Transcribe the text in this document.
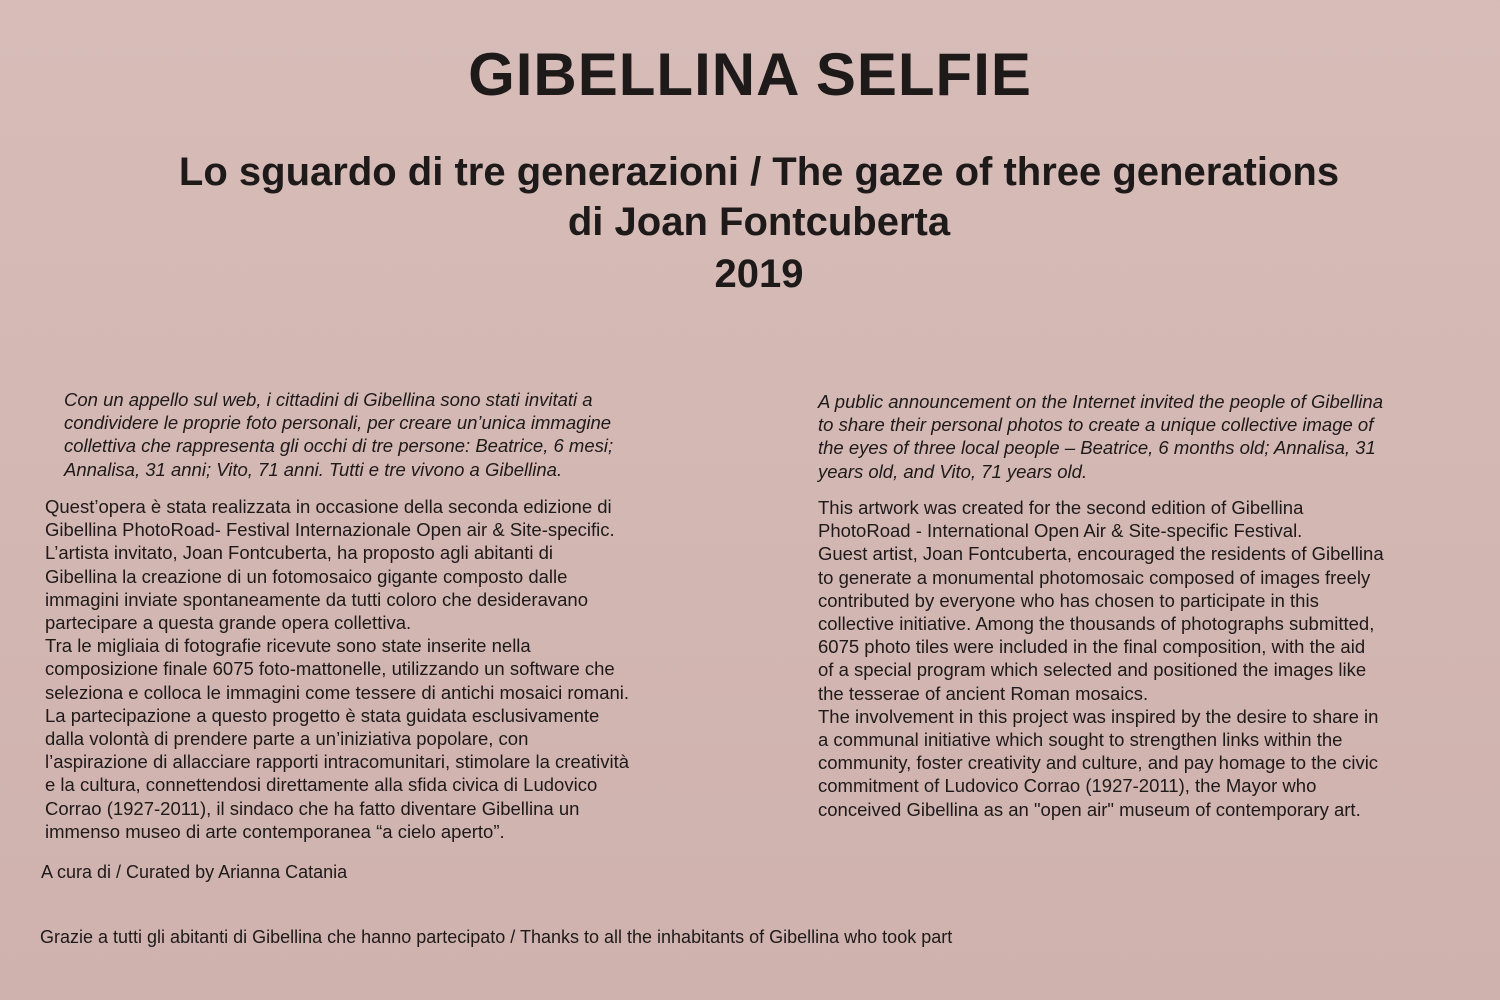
GIBELLINA SELFIE
Lo sguardo di tre generazioni / The gaze of three generations
di Joan Fontcuberta
2019
Con un appello sul web, i cittadini di Gibellina sono stati invitati a
condividere le proprie foto personali, per creare un’unica immagine
collettiva che rappresenta gli occhi di tre persone: Beatrice, 6 mesi;
Annalisa, 31 anni; Vito, 71 anni. Tutti e tre vivono a Gibellina.
Quest’opera è stata realizzata in occasione della seconda edizione di
Gibellina PhotoRoad- Festival Internazionale Open air & Site-specific.
L’artista invitato, Joan Fontcuberta, ha proposto agli abitanti di
Gibellina la creazione di un fotomosaico gigante composto dalle
immagini inviate spontaneamente da tutti coloro che desideravano
partecipare a questa grande opera collettiva.
Tra le migliaia di fotografie ricevute sono state inserite nella
composizione finale 6075 foto-mattonelle, utilizzando un software che
seleziona e colloca le immagini come tessere di antichi mosaici romani.
La partecipazione a questo progetto è stata guidata esclusivamente
dalla volontà di prendere parte a un’iniziativa popolare, con
l’aspirazione di allacciare rapporti intracomunitari, stimolare la creatività
e la cultura, connettendosi direttamente alla sfida civica di Ludovico
Corrao (1927-2011), il sindaco che ha fatto diventare Gibellina un
immenso museo di arte contemporanea “a cielo aperto”.
A public announcement on the Internet invited the people of Gibellina
to share their personal photos to create a unique collective image of
the eyes of three local people – Beatrice, 6 months old; Annalisa, 31
years old, and Vito, 71 years old.
This artwork was created for the second edition of Gibellina
PhotoRoad - International Open Air & Site-specific Festival.
Guest artist, Joan Fontcuberta, encouraged the residents of Gibellina
to generate a monumental photomosaic composed of images freely
contributed by everyone who has chosen to participate in this
collective initiative. Among the thousands of photographs submitted,
6075 photo tiles were included in the final composition, with the aid
of a special program which selected and positioned the images like
the tesserae of ancient Roman mosaics.
The involvement in this project was inspired by the desire to share in
a communal initiative which sought to strengthen links within the
community, foster creativity and culture, and pay homage to the civic
commitment of Ludovico Corrao (1927-2011), the Mayor who
conceived Gibellina as an "open air" museum of contemporary art.
A cura di / Curated by Arianna Catania
Grazie a tutti gli abitanti di Gibellina che hanno partecipato / Thanks to all the inhabitants of Gibellina who took part
